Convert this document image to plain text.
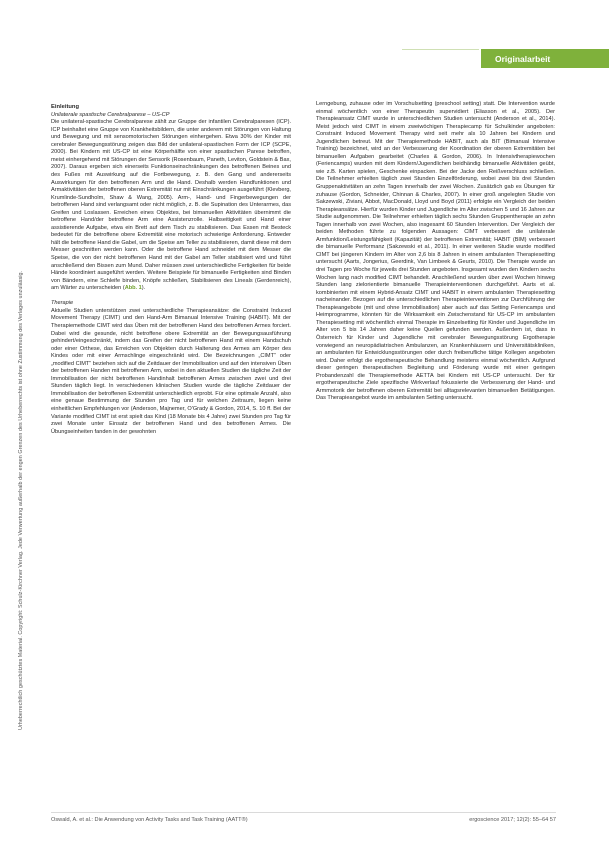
Originalarbeit
Urheberrechtlich geschütztes Material. Copyright: Schulz-Kirchner Verlag. Jede Verwertung außerhalb der engen Grenzen des Urheberrechts ist ohne Zustimmung des Verlages unzulässig.
Einleitung

Unilaterale spastische Cerebralparese – US-CP

Die unilateral-spastische Cerebralparese zählt zur Gruppe der infantilen Cerebralparesen (ICP). ICP beinhaltet eine Gruppe von Krankheitsbildern, die unter anderem mit Störungen von Haltung und Bewegung und mit sensomotorischen Störungen einhergehen. Etwa 30% der Kinder mit cerebraler Bewegungsstörung zeigen das Bild der unilateral-spastischen Form der ICP (SCPE, 2000). Bei Kindern mit US-CP ist eine Körperhälfte von einer spastischen Parese betroffen, meist einhergehend mit Störungen der Sensorik (Rosenbaum, Paneth, Leviton, Goldstein & Bax, 2007). Daraus ergeben sich einerseits Funktionseinschränkungen des betroffenen Beines und des Fußes mit Auswirkung auf die Fortbewegung, z. B. den Gang und andererseits Auswirkungen für den betroffenen Arm und die Hand. Deshalb werden Handfunktionen und Armaktivitäten der betroffenen oberen Extremität nur mit Einschränkungen ausgeführt (Klevberg, Krumlinde-Sundholm, Shaw & Wang, 2005). Arm-, Hand- und Fingerbewegungen der betroffenen Hand sind verlangsamt oder nicht möglich, z. B. die Supination des Unterarmes, das Greifen und Loslassen. Erreichen eines Objektes, bei bimanuellen Aktivitäten übernimmt die betroffene Hand/der betroffene Arm eine Assistenzrolle. Halbseitigkeit und Hand einer assistierende Aufgabe, etwa ein Brett auf dem Tisch zu stabilisieren. Das Essen mit Besteck bedeutet für die betroffene obere Extremität eine motorisch schwierige Anforderung. Entweder hält die betroffene Hand die Gabel, um die Speise am Teller zu stabilisieren, damit diese mit dem Messer geschnitten werden kann. Oder die betroffene Hand schneidet mit dem Messer die Speise, die von der nicht betroffenen Hand mit der Gabel am Teller stabilisiert wird und führt anschließend den Bissen zum Mund. Daher müssen zwei unterschiedliche Fertigkeiten für beide Hände koordiniert ausgeführt werden. Weitere Beispiele für bimanuelle Fertigkeiten sind Binden von Bändern, eine Schleife binden, Knöpfe schließen, Stabilisieren des Lineals (Gerdenreich), am Wärter zu unterscheiden (Abb. 1).

Therapie

Aktuelle Studien unterstützen zwei unterschiedliche Therapieansätze: die Constraint Induced Movement Therapy (CIMT) und den Hand-Arm Bimanual Intensive Training (HABIT). Mit der Therapiemethode CIMT wird das Üben mit der betroffenen Hand des betroffenen Armes forciert. Dabei wird die gesunde, nicht betroffene obere Extremität an der Bewegungsausführung gehindert/eingeschränkt, indem das Greifen der nicht betroffenen Hand mit einem Handschuh oder einer Orthese, das Erreichen von Objekten durch Halterung des Armes am Körper des Kindes oder mit einer Armschlinge eingeschränkt wird. Die Bezeichnungen „CIMT“ oder „modified CIMT“ beziehen sich auf die Zeitdauer der Immobilisation und auf den intensiven Üben der betroffenen Handen mit betroffenen Arm, wobei in den aktuellen Studien die tägliche Zeit der Immobilisation der nicht betroffenen Handinhalt betroffenen Armes zwischen zwei und drei Stunden täglich liegt. In verschiedenen klinischen Studien wurde die tägliche Zeitdauer der Immobilisation der betroffenen Extremität unterschiedlich erprobt. Für eine optimale Anzahl, also eine genaue Bestimmung der Stunden pro Tag und für welchen Zeitraum, liegen keine einheitlichen Empfehlungen vor (Anderson, Majnemer, O'Grady & Gordon, 2014, S. 10 ff. Bei der Variante modified CIMT ist erst spielt das Kind (18 Monate bis 4 Jahre) zwei Stunden pro Tag für zwei Monate unter Einsatz der betroffenen Hand und des betroffenen Armes. Die Übungseinheiten fanden in der gewohnten

Lerngebung, zuhause oder im Vorschulsetting (preschool setting) statt. Die Intervention wurde einmal wöchentlich von einer Therapeutin supervidiert (Eliasson et al., 2005). Der Therapieansatz CIMT wurde in unterschiedlichen Studien untersucht (Anderson et al., 2014). Meist jedoch wird CIMT in einem zweiwöchigen Therapiecamp für Schulkinder angeboten: Constraint Induced Movement Therapy wird seit mehr als 10 Jahren bei Kindern und Jugendlichen betreut. Mit der Therapiemethode HABIT, auch als BIT (Bimanual Intensive Training) bezeichnet, wird an der Verbesserung der Koordination der oberen Extremitäten bei bimanuellen Aufgaben gearbeitet (Charles & Gordon, 2006). In Intensivtherapiewochen (Feriencamps) wurden mit dem Kindern/Jugendlichen beidhändig bimanuelle Aktivitäten geübt, wie z.B. Karten spielen, Geschenke einpacken. Bei der Jacke den Reißverschluss schließen. Die Teilnehmer erhielten täglich zwei Stunden Einzelförderung, wobei zwei bis drei Stunden Gruppenaktivitäten an zehn Tagen innerhalb der zwei Wochen. Zusätzlich gab es Übungen für zuhause (Gordon, Schneider, Chinnan & Charles, 2007). In einer groß angelegten Studie von Sakzewski, Ziviani, Abbot, MacDonald, Lloyd und Boyd (2011) erfolgte ein Vergleich der beiden Therapieansätze. Hierfür wurden Kinder und Jugendliche im Alter zwischen 5 und 16 Jahren zur Studie aufgenommen. Die Teilnehmer erhielten täglich sechs Stunden Gruppentherapie an zehn Tagen innerhalb von zwei Wochen, also insgesamt 60 Stunden Intervention. Der Vergleich der beiden Methoden führte zu folgenden Aussagen: CIMT verbessert die unilaterale Armfunktion/Leistungsfähigkeit (Kapazität) der betroffenen Extremität; HABIT (BIM) verbessert die bimanuelle Performanz (Sakzewski et al., 2011). In einer weiteren Studie wurde modified CIMT bei jüngeren Kindern im Alter von 2,6 bis 8 Jahren in einem ambulanten Therapiesetting untersucht (Aarts, Jongerius, Geerdink, Van Limbeek & Geurts, 2010). Die Therapie wurde an drei Tagen pro Woche für jeweils drei Stunden angeboten. Insgesamt wurden den Kindern sechs Wochen lang nach modified CIMT behandelt. Anschließend wurden über zwei Wochen hinweg Stunden lang zielorientierte bimanuelle Therapieinterventionen durchgeführt. Aarts et al. kombinierten mit einem Hybrid-Ansatz CIMT und HABIT in einem ambulanten Therapiesetting nacheinander. Bezogen auf die unterschiedlichen Therapieinterventionen zur Durchführung der Therapieangebote (mit und ohne Immobilisation) aber auch auf das Setting Feriencamps und Heimprogramme, könnten für die Wirksamkeit ein Zwischenstand für US-CP im ambulanten Therapiesetting mit wöchentlich einmal Therapie im Einzelsetting für Kinder und Jugendliche im Alter von 5 bis 14 Jahren daher keine Quellen gefunden werden. Außerdem ist, dass in Österreich für Kinder und Jugendliche mit cerebraler Bewegungsstörung Ergotherapie vorwiegend an neuropädiatrischen Ambulanzen, an Krankenhäusern und Universitätskliniken, an ambulanten für Entwicklungsstörungen oder durch freiberufliche tätige Kollegen angeboten wird. Daher erfolgt die ergotherapeutische Behandlung meistens einmal wöchentlich. Aufgrund dieser geringen therapeutischen Begleitung und Förderung wurde mit einer geringen Probandenzahl die Therapiemethode AETTA bei Kindern mit US-CP untersucht. Der für ergotherapeutische Ziele spezifische Wirkverlauf fokussierte die Verbesserung der Hand- und Armmotorik der betroffenen oberen Extremität bei alltagsrelevanten bimanuellen Betätigungen. Das Therapieangebot wurde im ambulanten Setting untersucht.

Oswald, A. et al.: Die Anwendung von Activity Tasks and Task Training (AATT®)	ergoscience 2017; 12(2): 55–64 57
